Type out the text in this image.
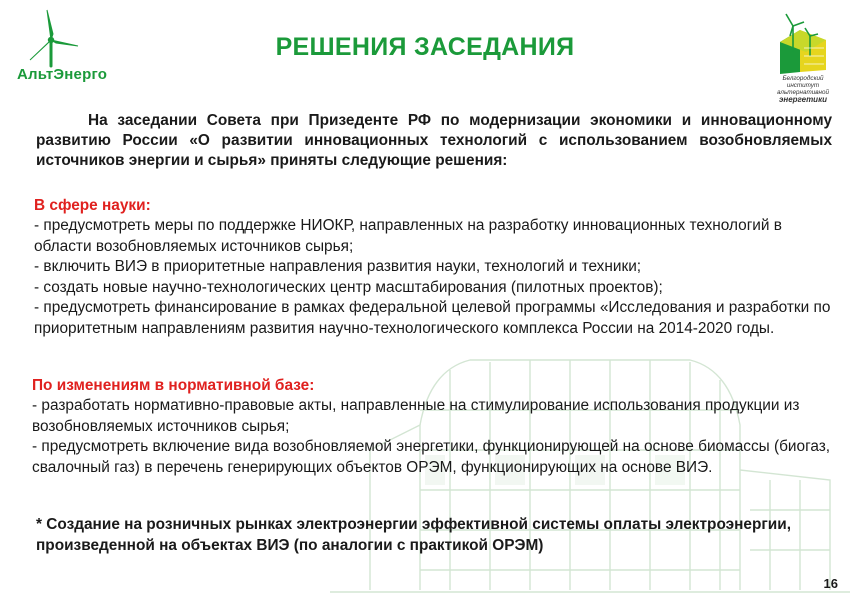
АльтЭнерго	Белгородский институт
альтернативной
энергетики
РЕШЕНИЯ ЗАСЕДАНИЯ
На заседании Совета при Призеденте РФ по модернизации экономики и инновационному развитию России «О развитии инновационных технологий с использованием возобновляемых источников энергии и сырья» приняты следующие решения:
В сфере науки:

- предусмотреть меры по поддержке НИОКР, направленных на разработку инновационных технологий в области возобновляемых источников сырья;

- включить ВИЭ в приоритетные направления развития науки, технологий и техники;

- создать новые научно-технологических центр масштабирования (пилотных проектов);

- предусмотреть финансирование в рамках федеральной целевой программы «Исследования и разработки по приоритетным направлениям развития научно-технологического комплекса России на 2014-2020 годы.

По изменениям в нормативной базе:

- разработать нормативно-правовые акты, направленные на стимулирование использования продукции из возобновляемых источников сырья;

- предусмотреть включение вида возобновляемой энергетики, функционирующей на основе биомассы (биогаз, свалочный газ) в перечень генерирующих объектов ОРЭМ, функционирующих на основе ВИЭ.

* Создание на розничных рынках электроэнергии эффективной системы оплаты электроэнергии, произведенной на объектах ВИЭ (по аналогии с практикой ОРЭМ)
16
